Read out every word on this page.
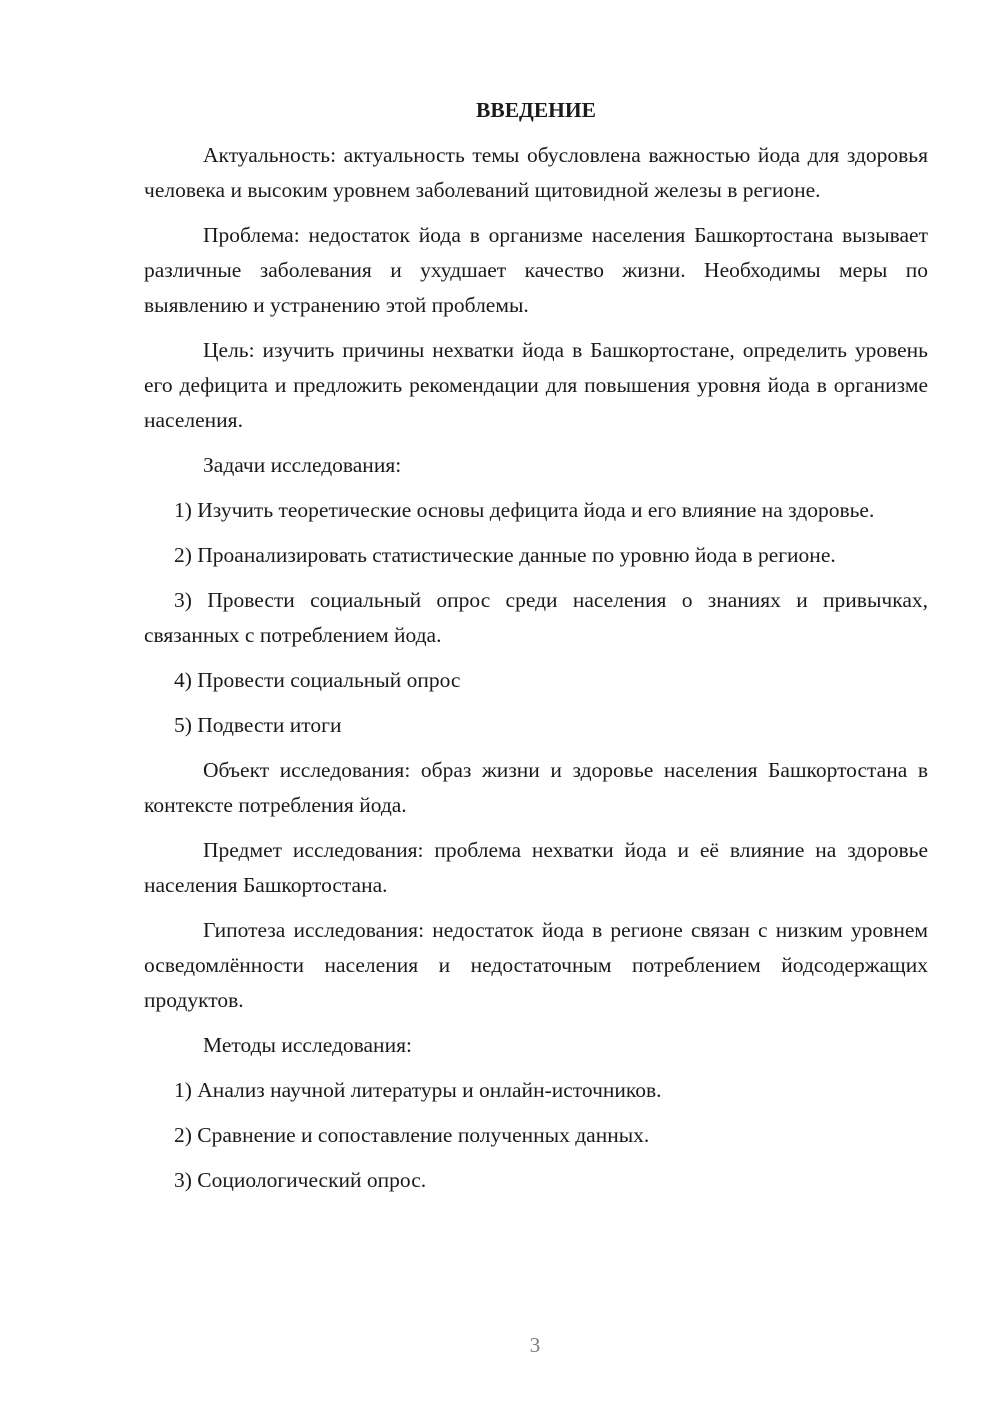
ВВЕДЕНИЕ

Актуальность: актуальность темы обусловлена важностью йода для здоровья человека и высоким уровнем заболеваний щитовидной железы в регионе.

Проблема: недостаток йода в организме населения Башкортостана вызывает различные заболевания и ухудшает качество жизни. Необходимы меры по выявлению и устранению этой проблемы.

Цель: изучить причины нехватки йода в Башкортостане, определить уровень его дефицита и предложить рекомендации для повышения уровня йода в организме населения.

Задачи исследования:

1) Изучить теоретические основы дефицита йода и его влияние на здоровье.

2) Проанализировать статистические данные по уровню йода в регионе.

3) Провести социальный опрос среди населения о знаниях и привычках, связанных с потреблением йода.

4) Провести социальный опрос

5) Подвести итоги

Объект исследования: образ жизни и здоровье населения Башкортостана в контексте потребления йода.

Предмет исследования: проблема нехватки йода и её влияние на здоровье населения Башкортостана.

Гипотеза исследования: недостаток йода в регионе связан с низким уровнем осведомлённости населения и недостаточным потреблением йодсодержащих продуктов.

Методы исследования:

1) Анализ научной литературы и онлайн-источников.

2) Сравнение и сопоставление полученных данных.

3) Социологический опрос.

3
